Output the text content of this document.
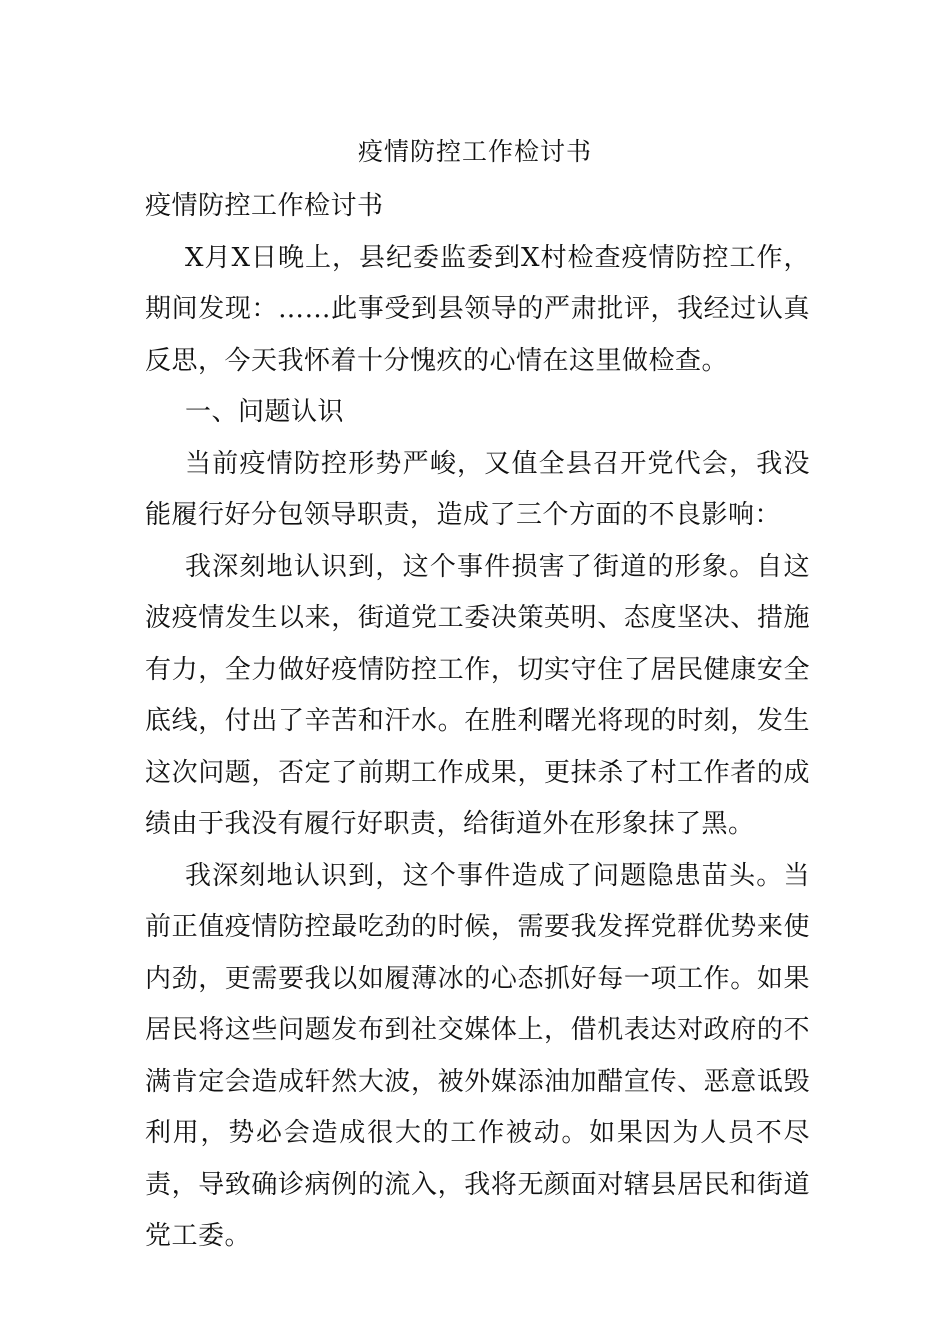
疫情防控工作检讨书

疫情防控工作检讨书

X月X日晚上，县纪委监委到X村检查疫情防控工作，期间发现：……此事受到县领导的严肃批评，我经过认真反思，今天我怀着十分愧疚的心情在这里做检查。

一、问题认识

当前疫情防控形势严峻，又值全县召开党代会，我没能履行好分包领导职责，造成了三个方面的不良影响：

我深刻地认识到，这个事件损害了街道的形象。自这波疫情发生以来，街道党工委决策英明、态度坚决、措施有力，全力做好疫情防控工作，切实守住了居民健康安全底线，付出了辛苦和汗水。在胜利曙光将现的时刻，发生这次问题，否定了前期工作成果，更抹杀了村工作者的成绩由于我没有履行好职责，给街道外在形象抹了黑。

我深刻地认识到，这个事件造成了问题隐患苗头。当前正值疫情防控最吃劲的时候，需要我发挥党群优势来使内劲，更需要我以如履薄冰的心态抓好每一项工作。如果居民将这些问题发布到社交媒体上，借机表达对政府的不满肯定会造成轩然大波，被外媒添油加醋宣传、恶意诋毁利用，势必会造成很大的工作被动。如果因为人员不尽责，导致确诊病例的流入，我将无颜面对辖县居民和街道党工委。
